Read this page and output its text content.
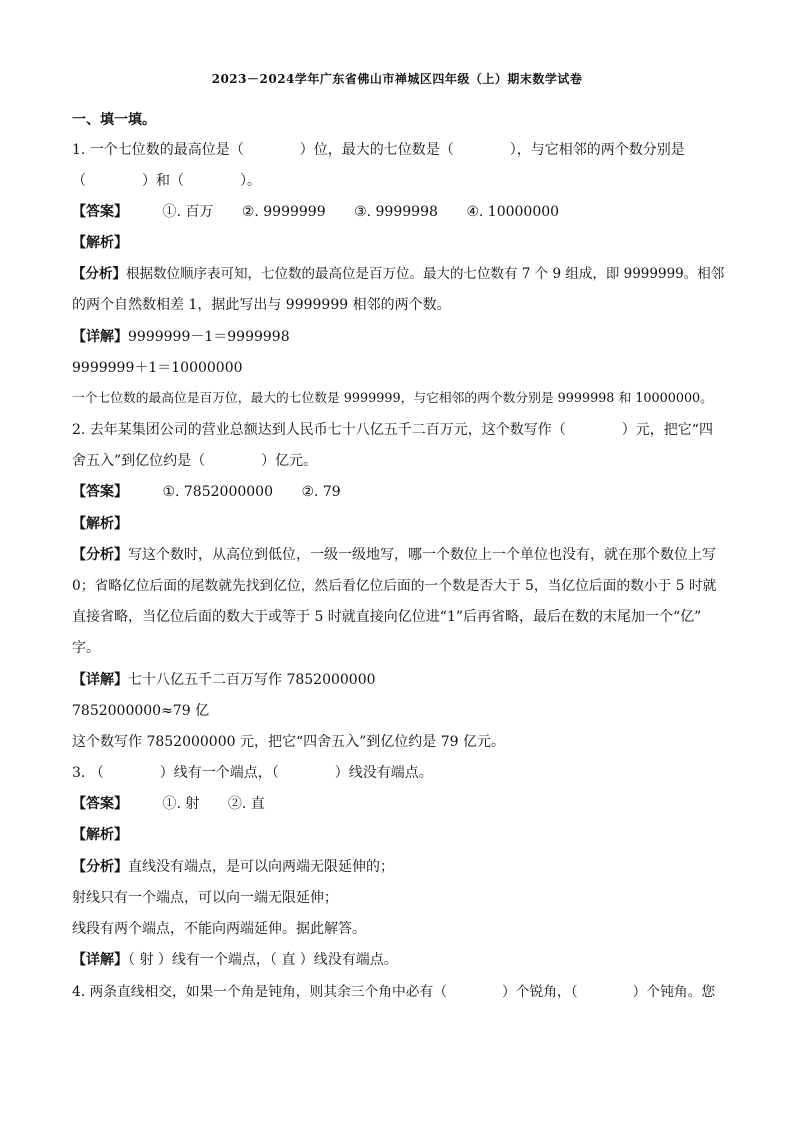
2023－2024学年广东省佛山市禅城区四年级（上）期末数学试卷
一、填一填。
1. 一个七位数的最高位是（　　　　）位，最大的七位数是（　　　　），与它相邻的两个数分别是
（　　　　）和（　　　　）。
【答案】 ①. 百万 ②. 9999999 ③. 9999998 ④. 10000000
【解析】
【分析】根据数位顺序表可知，七位数的最高位是百万位。最大的七位数有 7 个 9 组成，即 9999999。相邻
的两个自然数相差 1，据此写出与 9999999 相邻的两个数。
【详解】9999999－1＝9999998
9999999＋1＝10000000
一个七位数的最高位是百万位，最大的七位数是 9999999，与它相邻的两个数分别是 9999998 和 10000000。
2. 去年某集团公司的营业总额达到人民币七十八亿五千二百万元，这个数写作（　　　　）元，把它“四
舍五入”到亿位约是（　　　　）亿元。
【答案】 ①. 7852000000 ②. 79
【解析】
【分析】写这个数时，从高位到低位，一级一级地写，哪一个数位上一个单位也没有，就在那个数位上写
0；省略亿位后面的尾数就先找到亿位，然后看亿位后面的一个数是否大于 5，当亿位后面的数小于 5 时就
直接省略，当亿位后面的数大于或等于 5 时就直接向亿位进“1”后再省略，最后在数的末尾加一个“亿”
字。
【详解】七十八亿五千二百万写作 7852000000
7852000000≈79 亿
这个数写作 7852000000 元，把它“四舍五入”到亿位约是 79 亿元。
3. （　　　　）线有一个端点，（　　　　）线没有端点。
【答案】 ①. 射 ②. 直
【解析】
【分析】直线没有端点，是可以向两端无限延伸的；
射线只有一个端点，可以向一端无限延伸；
线段有两个端点，不能向两端延伸。据此解答。
【详解】（ 射 ）线有一个端点，（ 直 ）线没有端点。
4. 两条直线相交，如果一个角是钝角，则其余三个角中必有（　　　　）个锐角，（　　　　）个钝角。您
